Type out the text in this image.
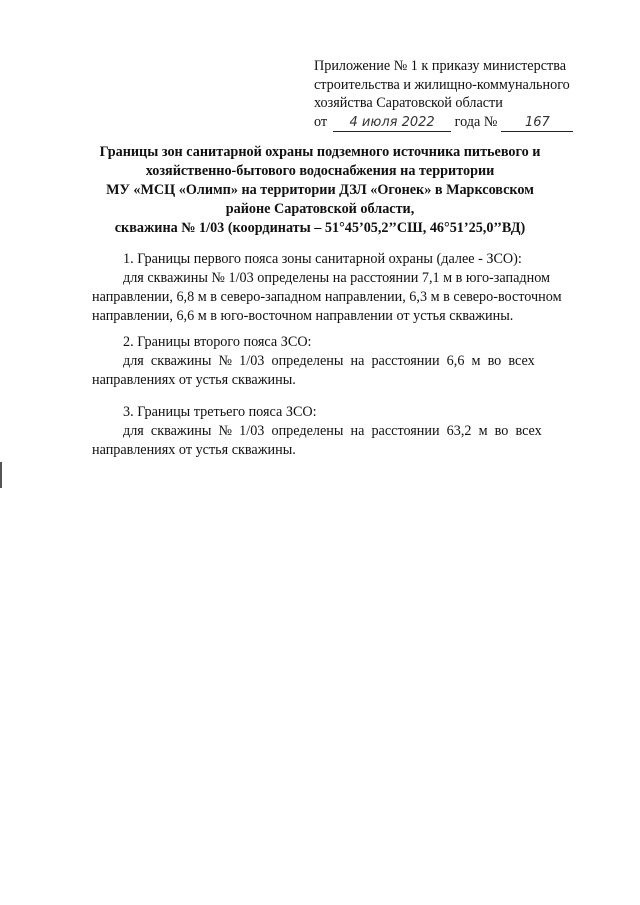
Приложение № 1 к приказу министерства
строительства и жилищно-коммунального
хозяйства Саратовской области
от 4 июля 2022 года № 167
Границы зон санитарной охраны подземного источника питьевого и
хозяйственно-бытового водоснабжения на территории
МУ «МСЦ «Олимп» на территории ДЗЛ «Огонек» в Марксовском
районе Саратовской области,
скважина № 1/03 (координаты – 51°45’05,2’’СШ, 46°51’25,0’’ВД)
1. Границы первого пояса зоны санитарной охраны (далее - ЗСО):
для скважины № 1/03 определены на расстоянии 7,1 м в юго-западном
направлении, 6,8 м в северо-западном направлении, 6,3 м в северо-восточном
направлении, 6,6 м в юго-восточном направлении от устья скважины.
2. Границы второго пояса ЗСО:
для  скважины  №  1/03  определены  на  расстоянии  6,6  м  во  всех
направлениях от устья скважины.
3. Границы третьего пояса ЗСО:
для  скважины  №  1/03  определены  на  расстоянии  63,2  м  во  всех
направлениях от устья скважины.
